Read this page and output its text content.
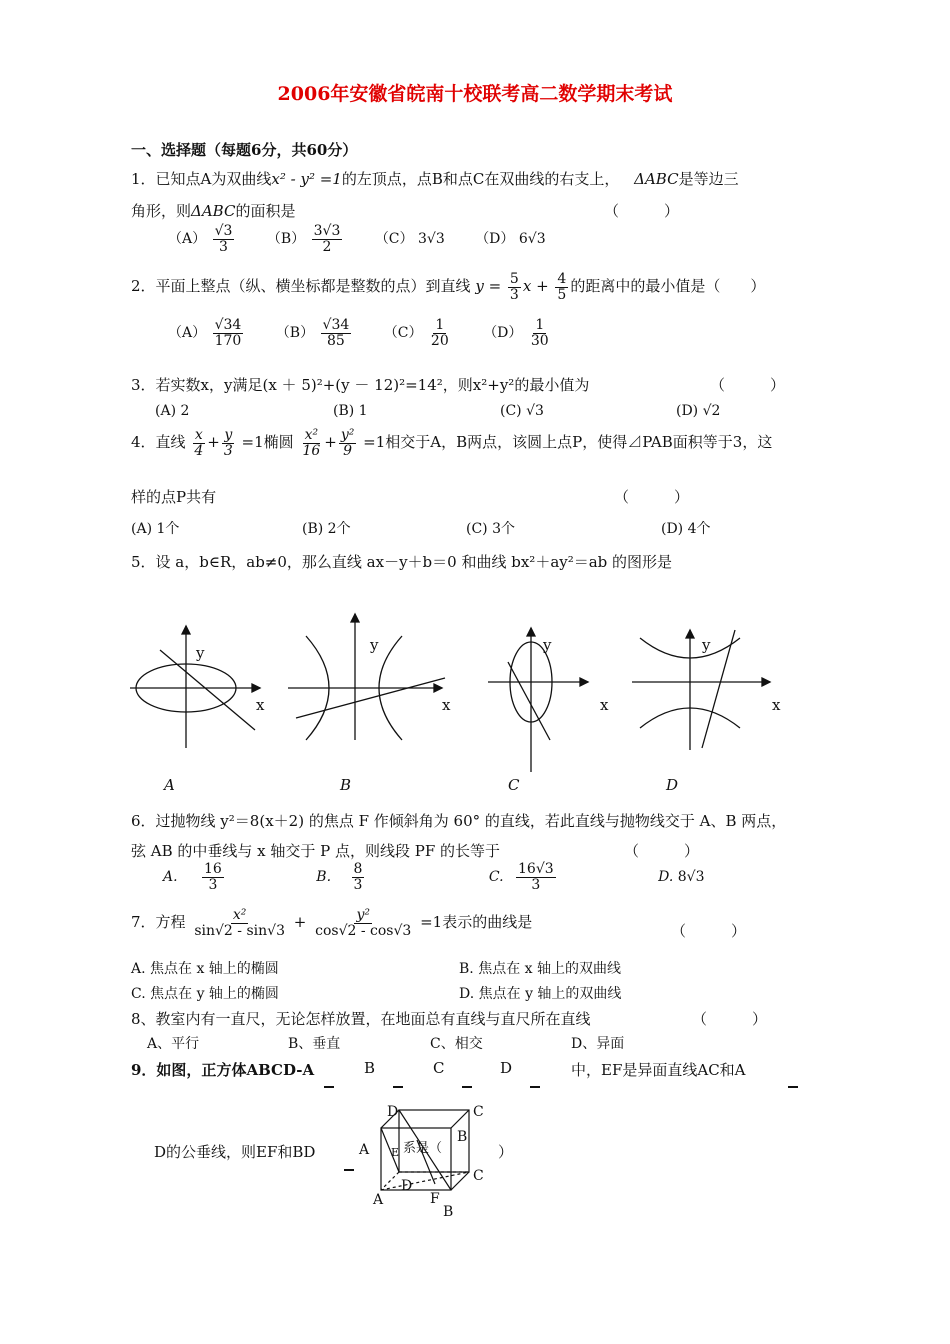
2006年安徽省皖南十校联考高二数学期末考试
一、选择题（每题6分，共60分）
1．已知点A为双曲线x² - y² =1的左顶点，点B和点C在双曲线的右支上， ΔABC是等边三
角形，则ΔABC的面积是	（　　　）
$(A) \frac{√3}{3} (B) \frac{3√3}{2} (C)$ 3√3 （D） 6√3
2．平面上整点（纵、横坐标都是整数的点）到直线 $y = \frac{5}{3}$ $x + \frac{4}{5}$ 的距离中的最小值是（　　）
$(A) \frac{√34}{170} (B) \frac{√34}{85} (C) \frac{1}{20} (D) \frac{1}{30}$
3．若实数x，y满足(x ＋ 5)²+(y － 12)²=14²，则x²+y²的最小值为	（　　　）
(A) 2	(B) 1	(C) √3	(D) √2
4．直线 $\frac{x}{4} + \frac{y}{3} =1$椭圆 $\frac{\text{x²}}{16} + \frac{\text{y²}}{9} =1$相交于A，B两点，该圆上点P，使得⊿PAB面积等于3，这
样的点P共有	（　　　）
(A) 1个	(B) 2个	(C) 3个	(D) 4个
5．设 a，b∈R，ab≠0，那么直线 ax－y＋b＝0 和曲线 bx²＋ay²＝ab 的图形是
y
x
y
x
y
x
y
x
A	B	C	D
6．过抛物线 y²＝8(x＋2) 的焦点 F 作倾斜角为 60° 的直线，若此直线与抛物线交于 A、B 两点，
弦 AB 的中垂线与 x 轴交于 P 点，则线段 PF 的长等于	（　　　）
A. $\frac{16}{3}$	B. $\frac{8}{3}$	C. $\frac{16√3}{3}$	D. 8√3
7．方程 $\frac{\text{x²}}{\sin√2 - \sin√3} + \frac{\text{y²}}{\cos√2 - \cos√3} =1$表示的曲线是	（　　　）
A. 焦点在 x 轴上的椭圆	B. 焦点在 x 轴上的双曲线
C. 焦点在 y 轴上的椭圆	D. 焦点在 y 轴上的双曲线
8、教室内有一直尺，无论怎样放置，在地面总有直线与直尺所在直线	（　　　）
A、平行	B、垂直	C、相交	D、异面
9．如图，正方体ABCD-A	B	C	D	中，EF是异面直线AC和A
D的公垂线，则EF和BD
D	C
B
A E
C
D
A	F
B
系是（	）
